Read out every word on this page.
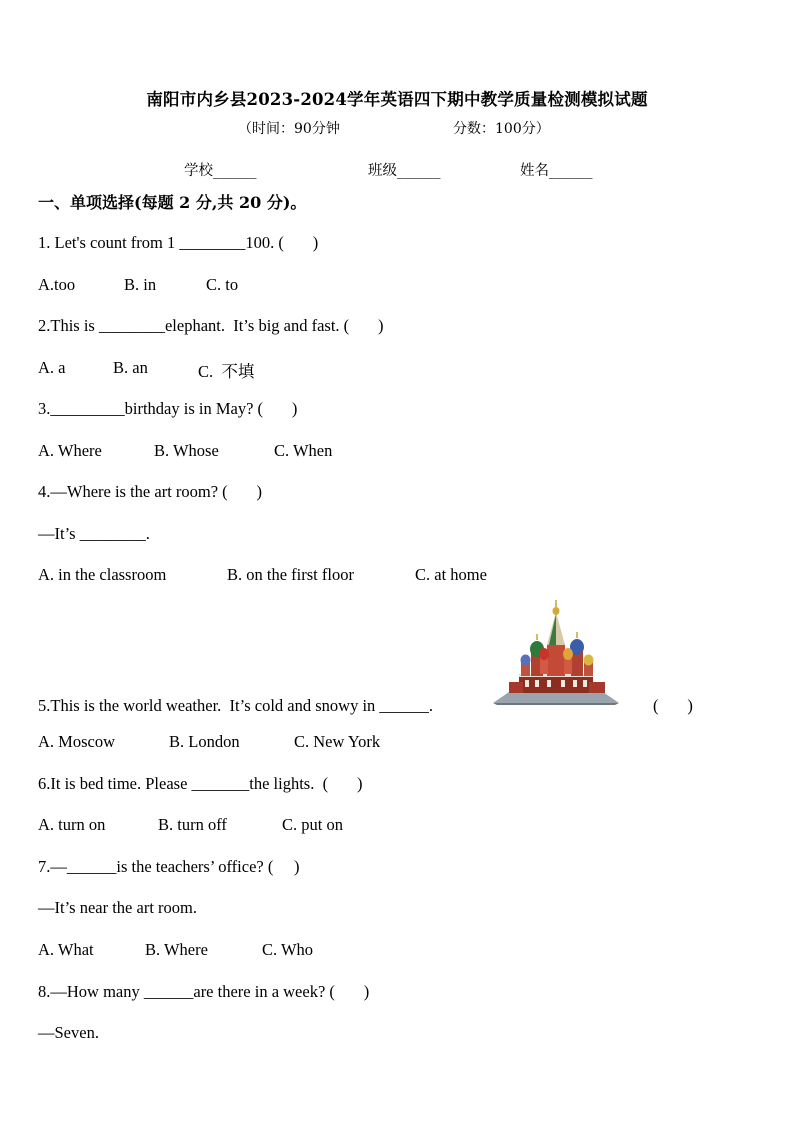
南阳市内乡县2023-2024学年英语四下期中教学质量检测模拟试题
（时间：90分钟	分数：100分）
学校______	班级______	姓名______
一、单项选择(每题 2 分,共 20 分)。
1. Let's count from 1 ________100. (       )
A.too	B. in	C. to
2.This is ________elephant.  It’s big and fast. (       )
A. a	B. an	C.  不填
3._________birthday is in May? (       )
A. Where	B. Whose	C. When
4.—Where is the art room? (       )
—It’s ________.
A. in the classroom	B. on the first floor	C. at home
5.This is the world weather.  It’s cold and snowy in ______.	(       )
A. Moscow	B. London	C. New York
6.It is bed time. Please _______the lights.  (       )
A. turn on	B. turn off	C. put on
7.—______is the teachers’ office? (     )
—It’s near the art room.
A. What	B. Where	C. Who
8.—How many ______are there in a week? (       )
—Seven.
